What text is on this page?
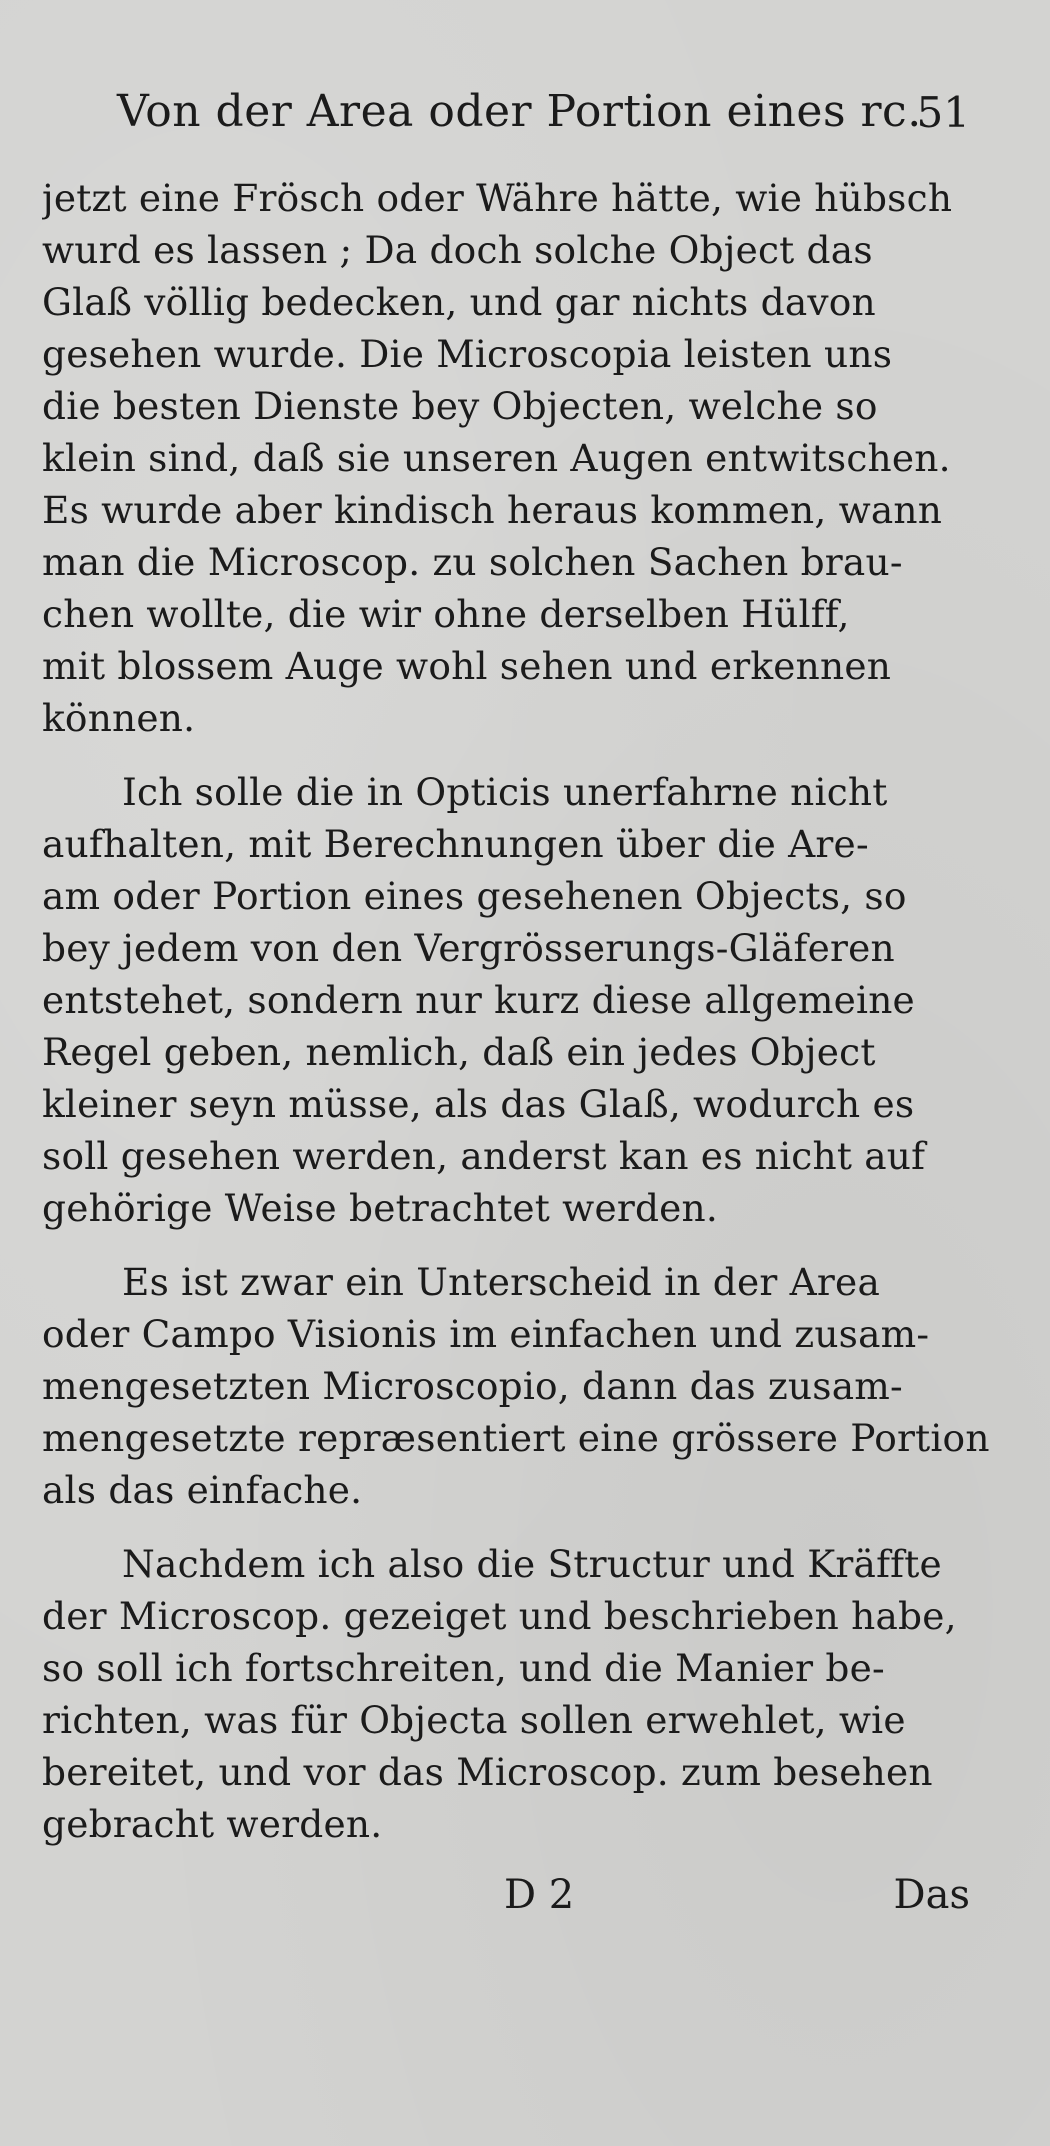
Von der Area oder Portion eines rc.
51
jetzt eine Frösch oder Währe hätte, wie hübsch
wurd es lassen ; Da doch solche Object das
Glaß völlig bedecken, und gar nichts davon
gesehen wurde. Die Microscopia leisten uns
die besten Dienste bey Objecten, welche so
klein sind, daß sie unseren Augen entwitschen.
Es wurde aber kindisch heraus kommen, wann
man die Microscop. zu solchen Sachen brau-
chen wollte, die wir ohne derselben Hülff,
mit blossem Auge wohl sehen und erkennen
können.
Ich solle die in Opticis unerfahrne nicht
aufhalten, mit Berechnungen über die Are-
am oder Portion eines gesehenen Objects, so
bey jedem von den Vergrösserungs-Gläferen
entstehet, sondern nur kurz diese allgemeine
Regel geben, nemlich, daß ein jedes Object
kleiner seyn müsse, als das Glaß, wodurch es
soll gesehen werden, anderst kan es nicht auf
gehörige Weise betrachtet werden.
Es ist zwar ein Unterscheid in der Area
oder Campo Visionis im einfachen und zusam-
mengesetzten Microscopio, dann das zusam-
mengesetzte repræsentiert eine grössere Portion
als das einfache.
Nachdem ich also die Structur und Kräffte
der Microscop. gezeiget und beschrieben habe,
so soll ich fortschreiten, und die Manier be-
richten, was für Objecta sollen erwehlet, wie
bereitet, und vor das Microscop. zum besehen
gebracht werden.
D 2	Das
